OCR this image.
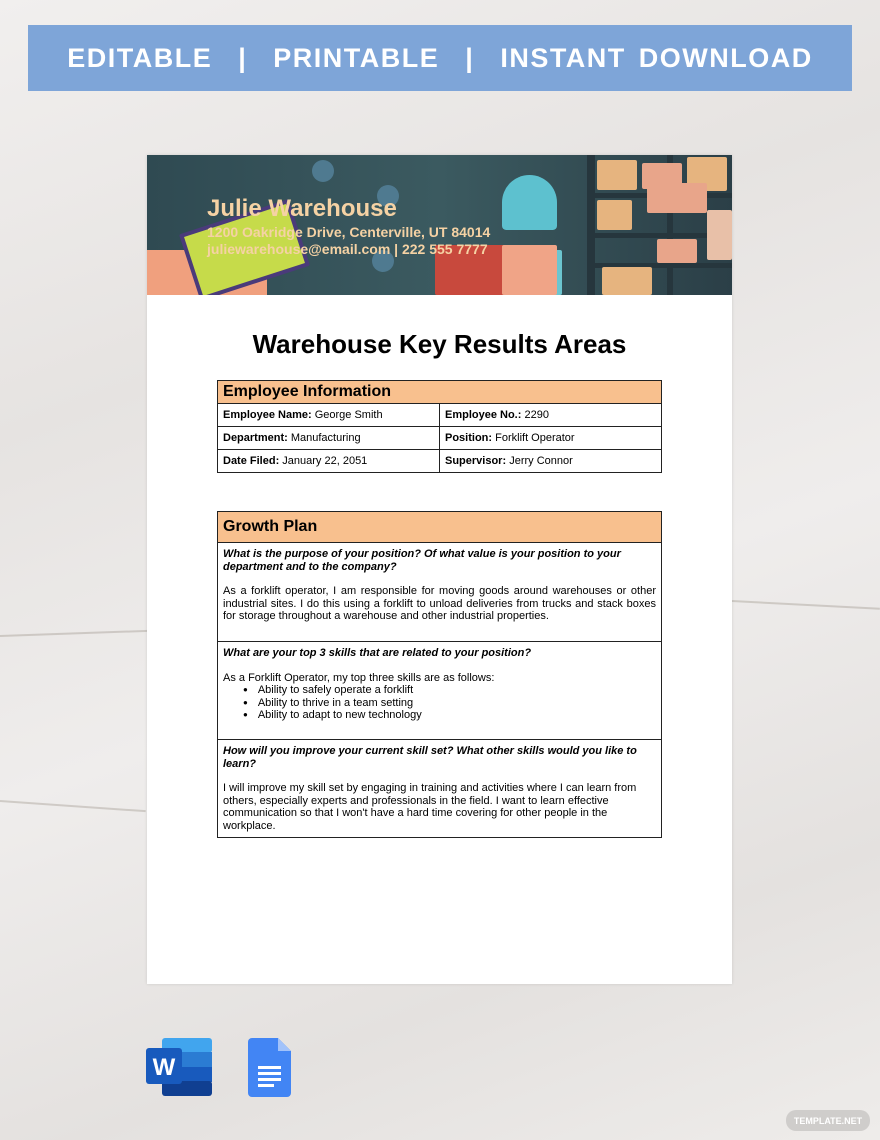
EDITABLE  |  PRINTABLE  |  INSTANT DOWNLOAD
Julie Warehouse
1200 Oakridge Drive, Centerville, UT 84014
juliewarehouse@email.com | 222 555 7777
Warehouse Key Results Areas
Employee Information	
Employee Name: George Smith	Employee No.: 2290
Department: Manufacturing	Position: Forklift Operator
Date Filed: January 22, 2051	Supervisor: Jerry Connor
Growth Plan

What is the purpose of your position? Of what value is your position to your department and to the company?
As a forklift operator, I am responsible for moving goods around warehouses or other industrial sites. I do this using a forklift to unload deliveries from trucks and stack boxes for storage throughout a warehouse and other industrial properties.

What are your top 3 skills that are related to your position?
As a Forklift Operator, my top three skills are as follows:
● Ability to safely operate a forklift
● Ability to thrive in a team setting
● Ability to adapt to new technology

How will you improve your current skill set? What other skills would you like to learn?
I will improve my skill set by engaging in training and activities where I can learn from others, especially experts and professionals in the field. I want to learn effective communication so that I won't have a hard time covering for other people in the workplace.
W
TEMPLATE.NET
